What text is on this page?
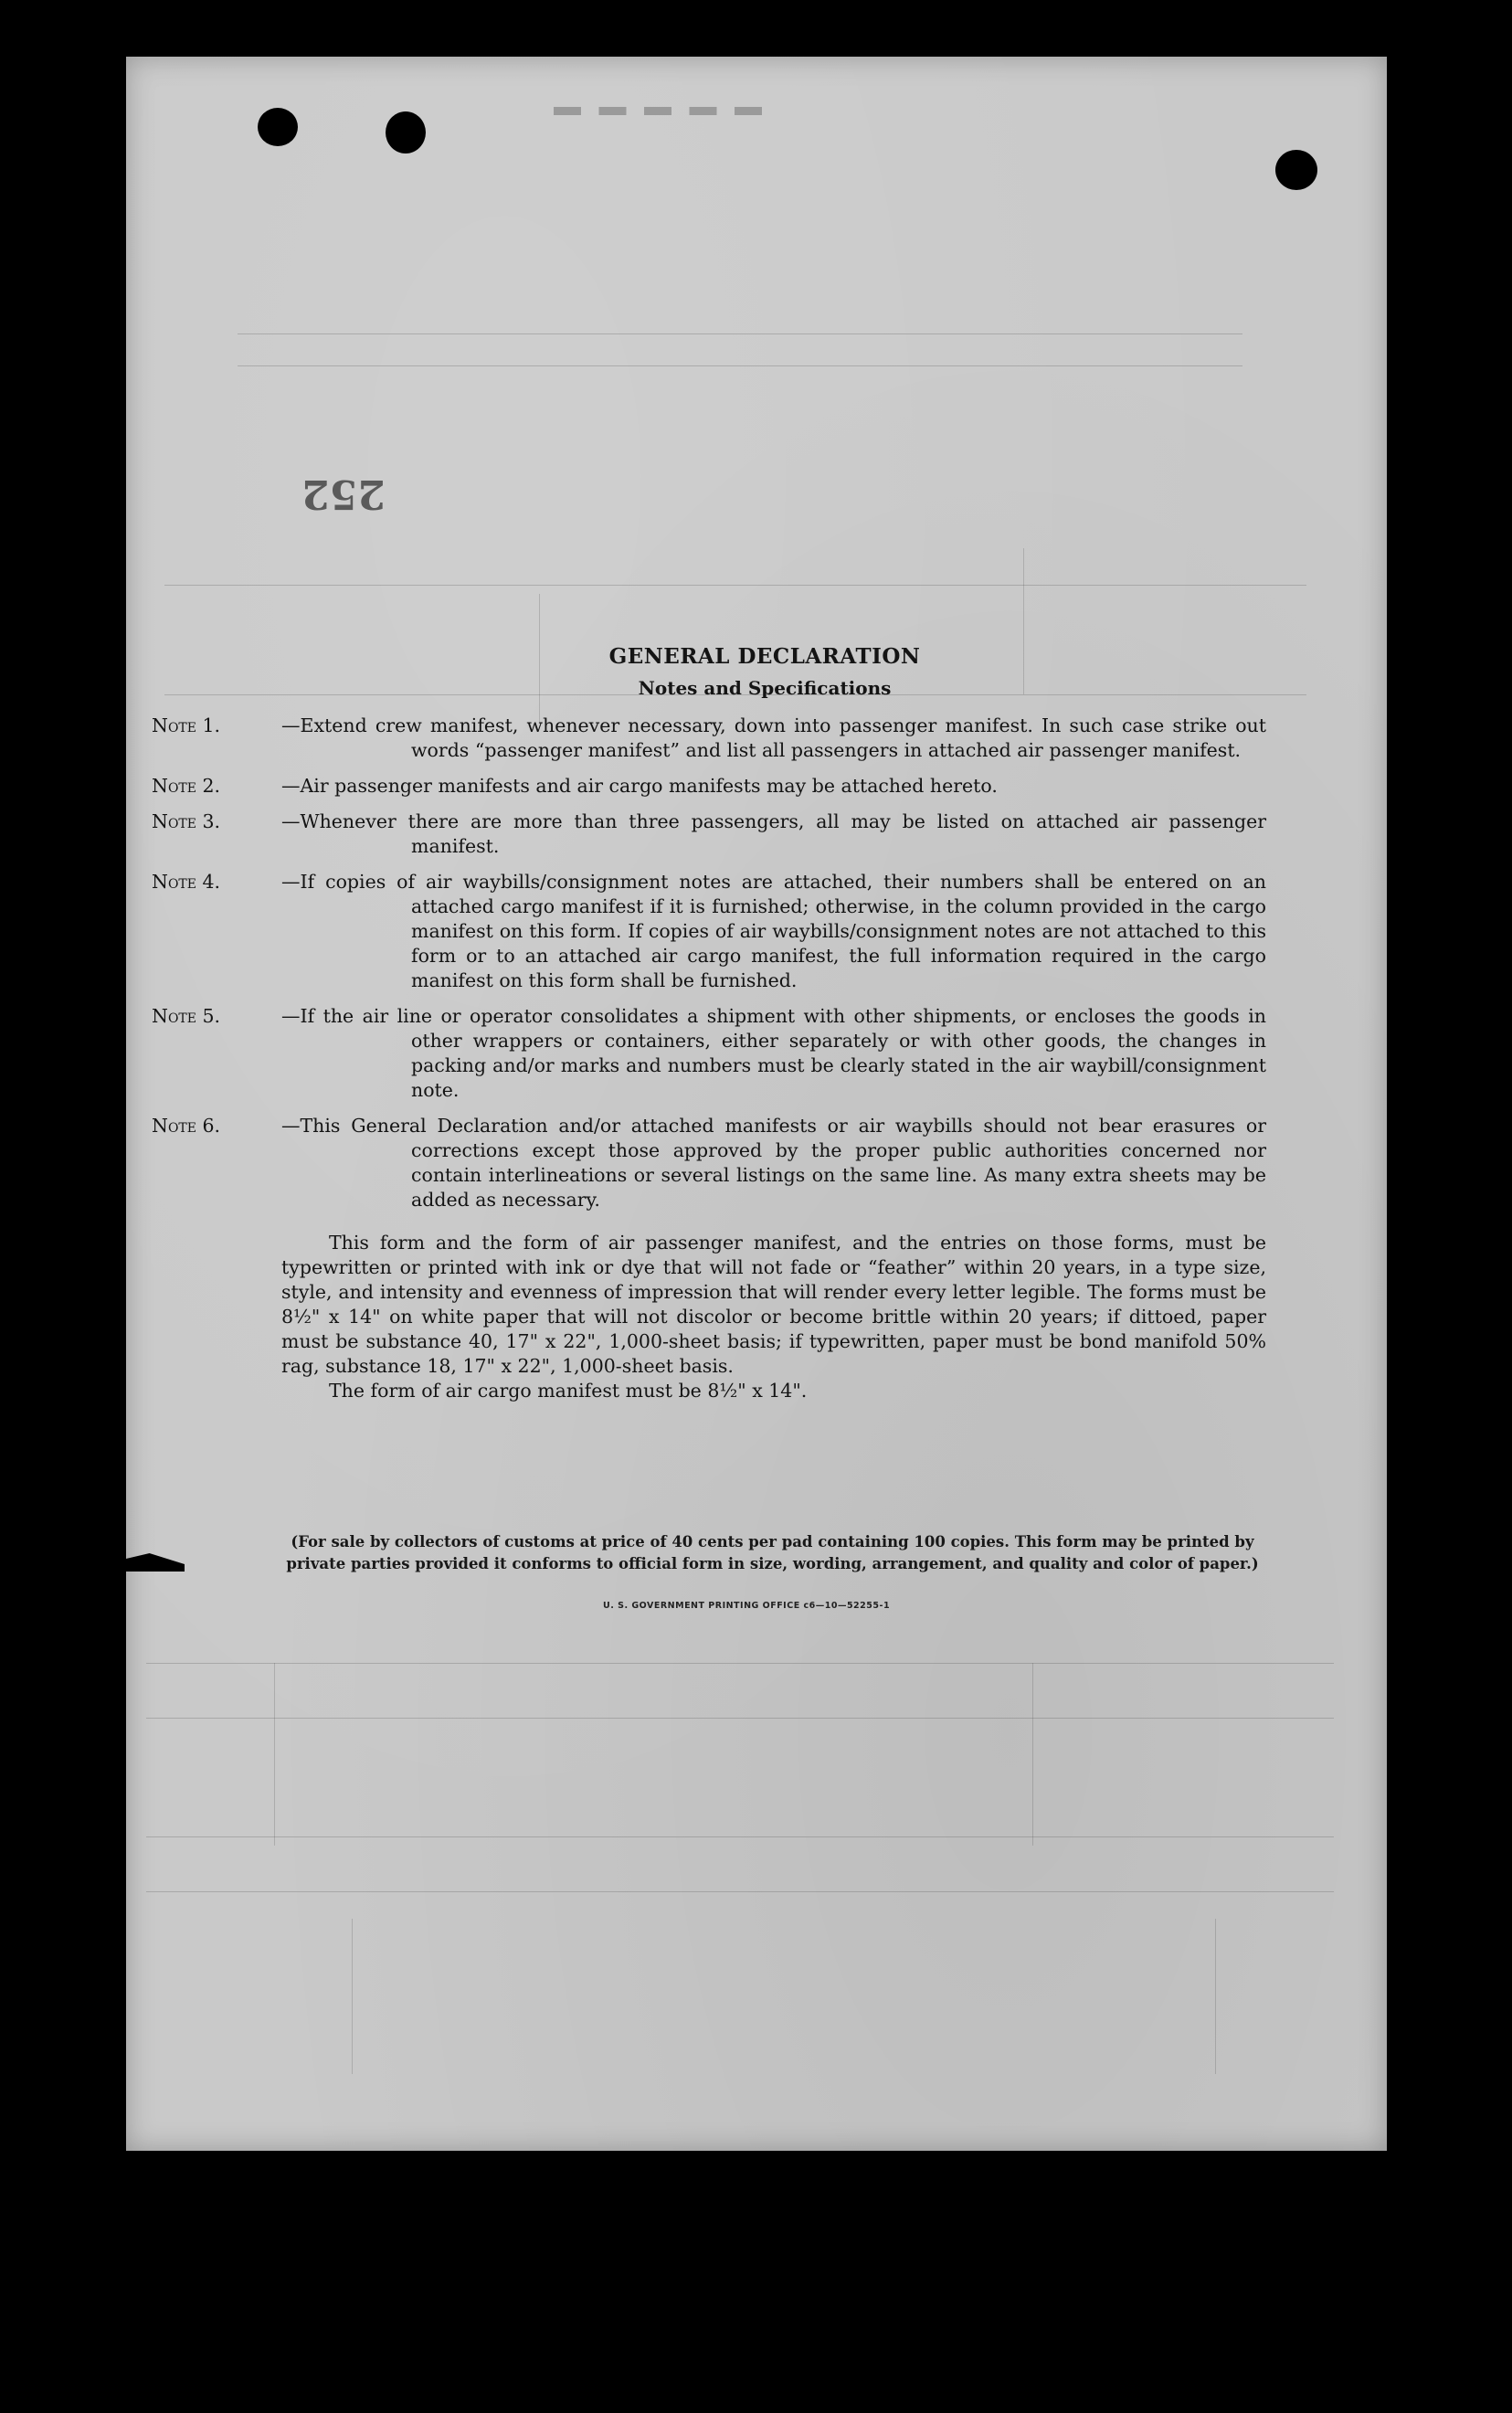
▬ ▬ ▬ ▬ ▬
252
GENERAL DECLARATION
Notes and Specifications
—Extend crew manifest, whenever necessary, down into passenger manifest. In such case strike out words “passenger manifest” and list all passengers in attached air passenger manifest.
—Air passenger manifests and air cargo manifests may be attached hereto.
—Whenever there are more than three passengers, all may be listed on attached air passenger manifest.
—If copies of air waybills/consignment notes are attached, their numbers shall be entered on an attached cargo manifest if it is furnished; otherwise, in the column provided in the cargo manifest on this form. If copies of air waybills/consignment notes are not attached to this form or to an attached air cargo manifest, the full information required in the cargo manifest on this form shall be furnished.
—If the air line or operator consolidates a shipment with other shipments, or encloses the goods in other wrappers or containers, either separately or with other goods, the changes in packing and/or marks and numbers must be clearly stated in the air waybill/consignment note.
—This General Declaration and/or attached manifests or air waybills should not bear erasures or corrections except those approved by the proper public authorities concerned nor contain interlineations or several listings on the same line. As many extra sheets may be added as necessary.
This form and the form of air passenger manifest, and the entries on those forms, must be typewritten or printed with ink or dye that will not fade or “feather” within 20 years, in a type size, style, and intensity and evenness of impression that will render every letter legible. The forms must be 8½" x 14" on white paper that will not discolor or become brittle within 20 years; if dittoed, paper must be substance 40, 17" x 22", 1,000-sheet basis; if typewritten, paper must be bond manifold 50% rag, substance 18, 17" x 22", 1,000-sheet basis.
The form of air cargo manifest must be 8½" x 14".
(For sale by collectors of customs at price of 40 cents per pad containing 100 copies. This form may be printed by private parties provided it conforms to official form in size, wording, arrangement, and quality and color of paper.)
U. S. GOVERNMENT PRINTING OFFICE c6—10—52255-1
